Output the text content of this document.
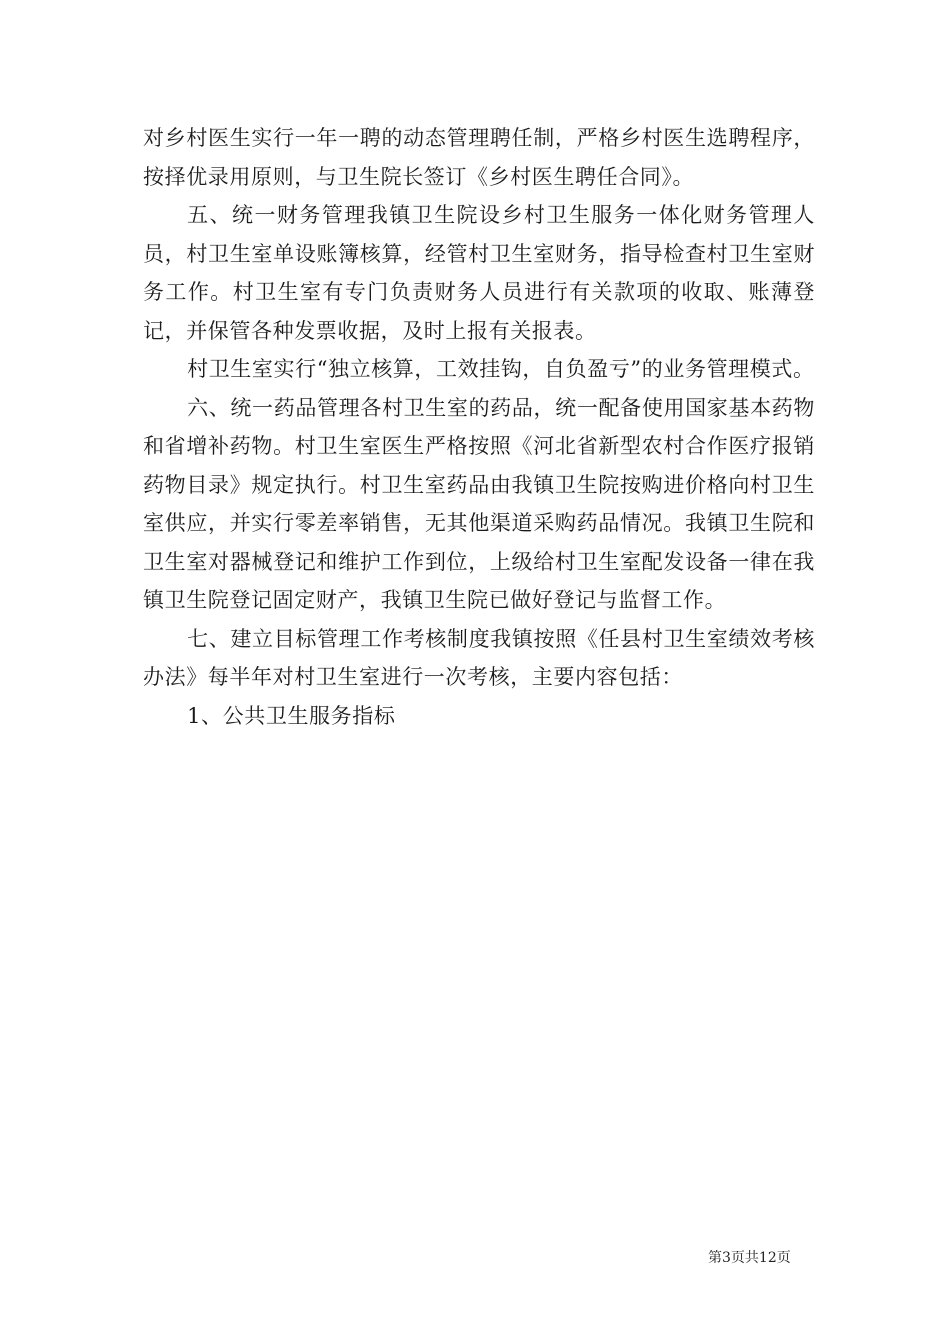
对乡村医生实行一年一聘的动态管理聘任制，严格乡村医生选聘程序，按择优录用原则，与卫生院长签订《乡村医生聘任合同》。

五、统一财务管理我镇卫生院设乡村卫生服务一体化财务管理人员，村卫生室单设账簿核算，经管村卫生室财务，指导检查村卫生室财务工作。村卫生室有专门负责财务人员进行有关款项的收取、账薄登记，并保管各种发票收据，及时上报有关报表。

村卫生室实行“独立核算，工效挂钩，自负盈亏”的业务管理模式。

六、统一药品管理各村卫生室的药品，统一配备使用国家基本药物和省增补药物。村卫生室医生严格按照《河北省新型农村合作医疗报销药物目录》规定执行。村卫生室药品由我镇卫生院按购进价格向村卫生室供应，并实行零差率销售，无其他渠道采购药品情况。我镇卫生院和卫生室对器械登记和维护工作到位，上级给村卫生室配发设备一律在我镇卫生院登记固定财产，我镇卫生院已做好登记与监督工作。

七、建立目标管理工作考核制度我镇按照《任县村卫生室绩效考核办法》每半年对村卫生室进行一次考核，主要内容包括：

1、公共卫生服务指标

第3页共12页
